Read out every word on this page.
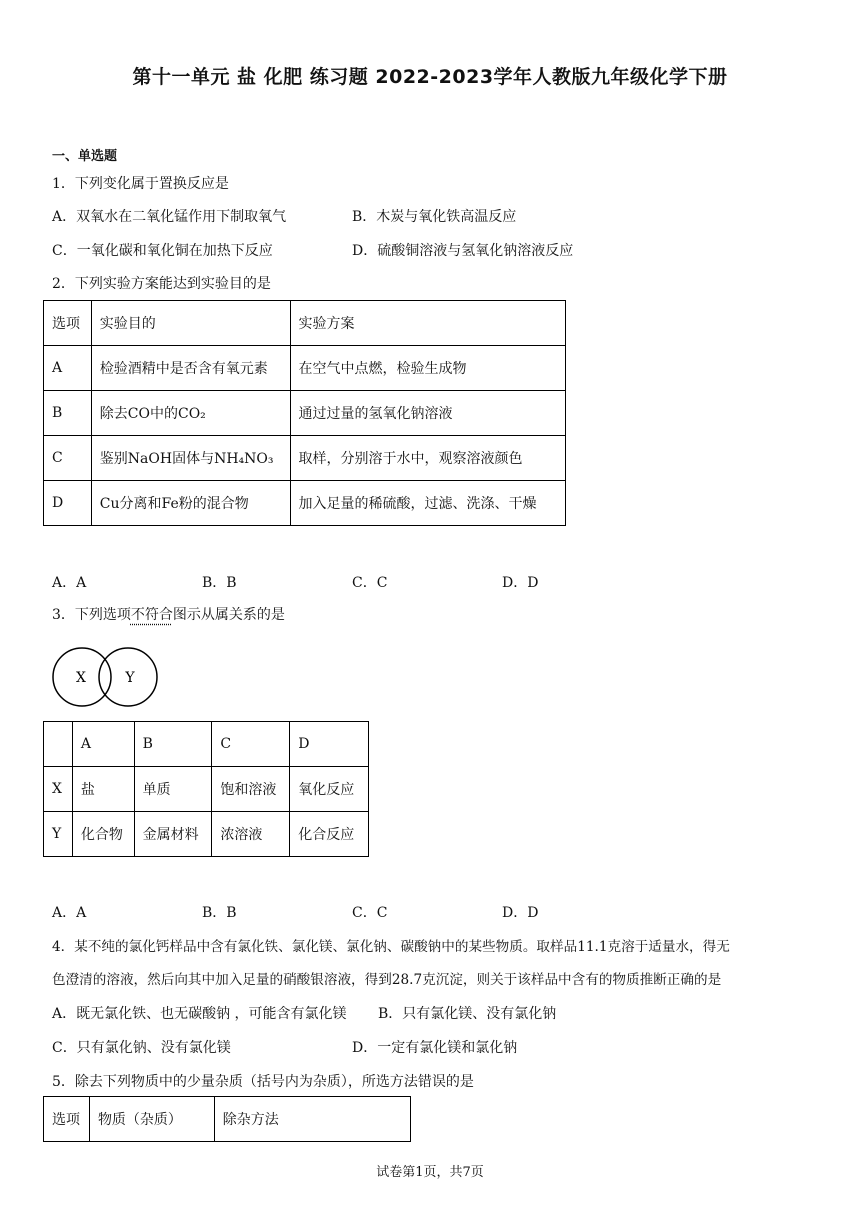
第十一单元 盐 化肥 练习题 2022-2023学年人教版九年级化学下册
一、单选题
1．下列变化属于置换反应是
A．双氧水在二氧化锰作用下制取氧气	B．木炭与氧化铁高温反应
C．一氧化碳和氧化铜在加热下反应	D．硫酸铜溶液与氢氧化钠溶液反应
2．下列实验方案能达到实验目的是
选项	实验目的	实验方案
A	检验酒精中是否含有氧元素	在空气中点燃，检验生成物
B	除去CO中的CO₂	通过过量的氢氧化钠溶液
C	鉴别NaOH固体与NH₄NO₃	取样，分别溶于水中，观察溶液颜色
D	Cu分离和Fe粉的混合物	加入足量的稀硫酸，过滤、洗涤、干燥
A．A	B．B	C．C	D．D
3．下列选项不符合图示从属关系的是
X	Y
	A	B	C	D
X	盐	单质	饱和溶液	氧化反应
Y	化合物	金属材料	浓溶液	化合反应
A．A	B．B	C．C	D．D
4．某不纯的氯化钙样品中含有氯化铁、氯化镁、氯化钠、碳酸钠中的某些物质。取样品11.1克溶于适量水，得无
色澄清的溶液，然后向其中加入足量的硝酸银溶液，得到28.7克沉淀，则关于该样品中含有的物质推断正确的是
A．既无氯化铁、也无碳酸钠 ，可能含有氯化镁 B．只有氯化镁、没有氯化钠
C．只有氯化钠、没有氯化镁	D．一定有氯化镁和氯化钠
5．除去下列物质中的少量杂质（括号内为杂质），所选方法错误的是
选项	物质（杂质）	除杂方法
试卷第1页，共7页
